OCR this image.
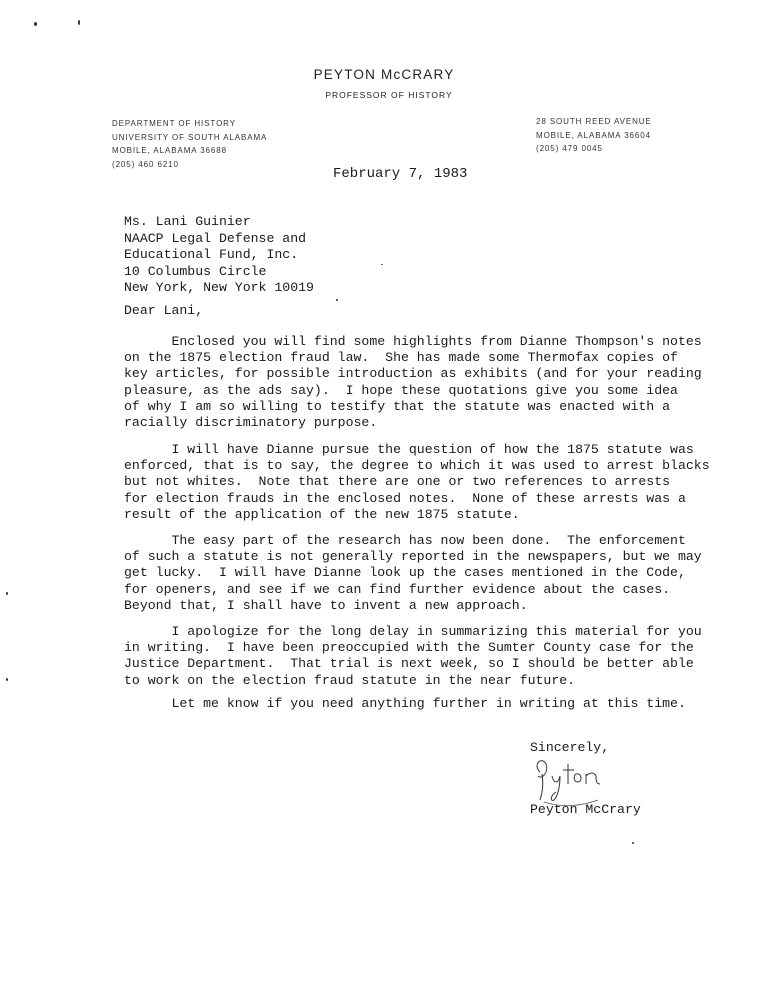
PEYTON McCRARY
PROFESSOR OF HISTORY
DEPARTMENT OF HISTORY
UNIVERSITY OF SOUTH ALABAMA
MOBILE, ALABAMA 36688
(205) 460 6210
28 SOUTH REED AVENUE
MOBILE, ALABAMA 36604
(205) 479 0045
February 7, 1983
Ms. Lani Guinier
NAACP Legal Defense and
Educational Fund, Inc.
10 Columbus Circle
New York, New York 10019
Dear Lani,
Enclosed you will find some highlights from Dianne Thompson's notes
on the 1875 election fraud law.  She has made some Thermofax copies of
key articles, for possible introduction as exhibits (and for your reading
pleasure, as the ads say).  I hope these quotations give you some idea
of why I am so willing to testify that the statute was enacted with a
racially discriminatory purpose.
I will have Dianne pursue the question of how the 1875 statute was
enforced, that is to say, the degree to which it was used to arrest blacks
but not whites.  Note that there are one or two references to arrests
for election frauds in the enclosed notes.  None of these arrests was a
result of the application of the new 1875 statute.
The easy part of the research has now been done.  The enforcement
of such a statute is not generally reported in the newspapers, but we may
get lucky.  I will have Dianne look up the cases mentioned in the Code,
for openers, and see if we can find further evidence about the cases.
Beyond that, I shall have to invent a new approach.
I apologize for the long delay in summarizing this material for you
in writing.  I have been preoccupied with the Sumter County case for the
Justice Department.  That trial is next week, so I should be better able
to work on the election fraud statute in the near future.
Let me know if you need anything further in writing at this time.
Sincerely,
Peyton McCrary
